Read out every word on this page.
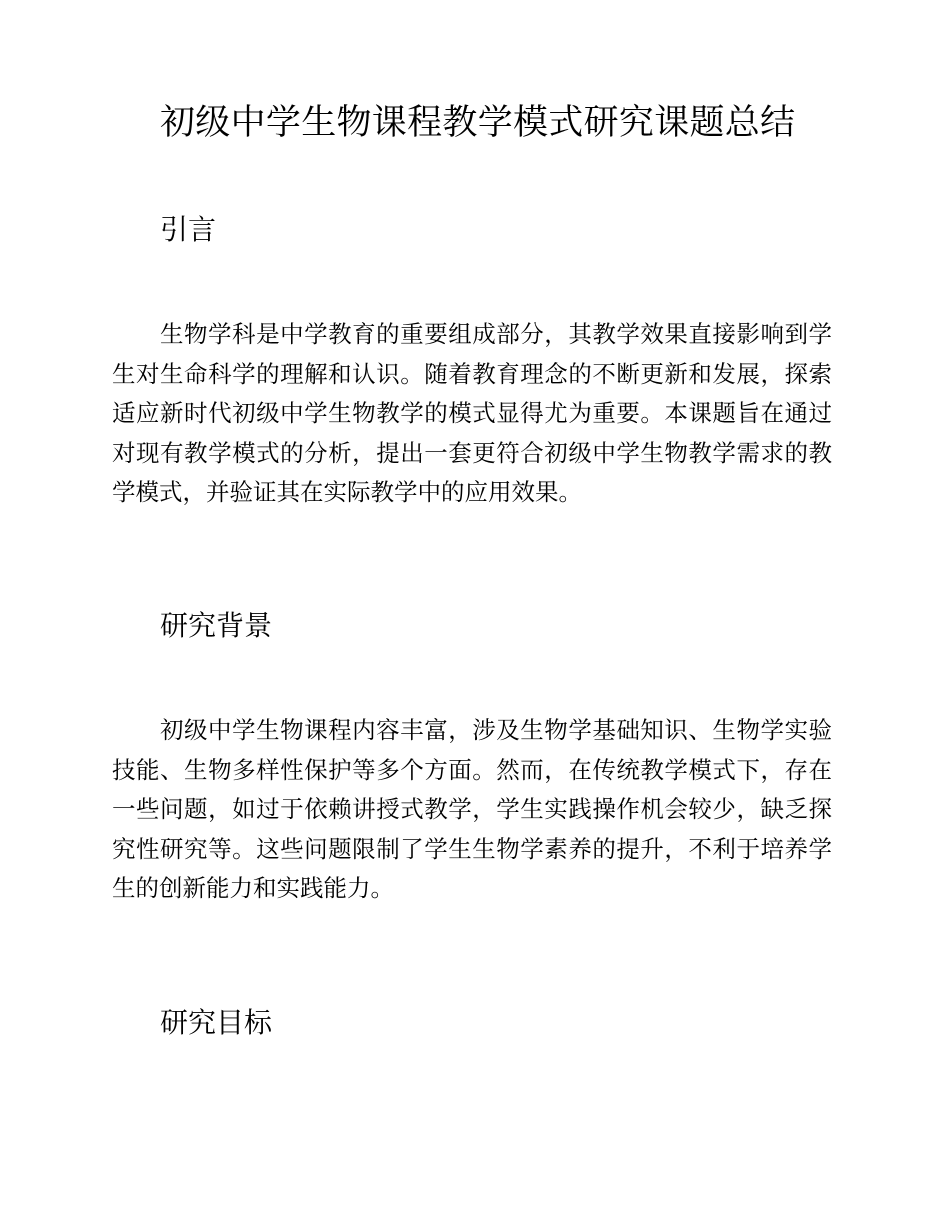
初级中学生物课程教学模式研究课题总结
引言

生物学科是中学教育的重要组成部分，其教学效果直接影响到学生对生命科学的理解和认识。随着教育理念的不断更新和发展，探索适应新时代初级中学生物教学的模式显得尤为重要。本课题旨在通过对现有教学模式的分析，提出一套更符合初级中学生物教学需求的教学模式，并验证其在实际教学中的应用效果。

研究背景

初级中学生物课程内容丰富，涉及生物学基础知识、生物学实验技能、生物多样性保护等多个方面。然而，在传统教学模式下，存在一些问题，如过于依赖讲授式教学，学生实践操作机会较少，缺乏探究性研究等。这些问题限制了学生生物学素养的提升，不利于培养学生的创新能力和实践能力。

研究目标
